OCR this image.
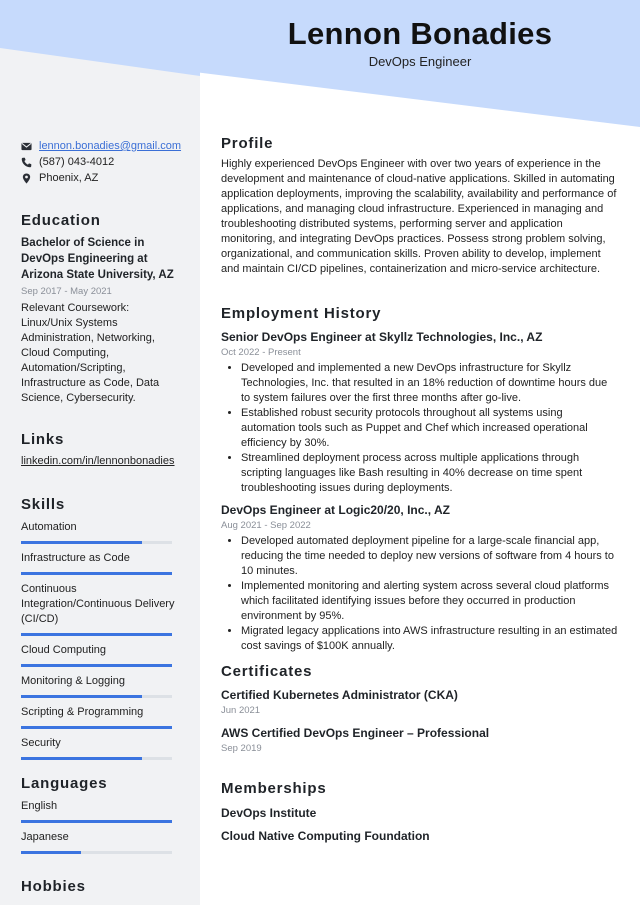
Lennon Bonadies
DevOps Engineer
lennon.bonadies@gmail.com
(587) 043-4012
Phoenix, AZ
Education
Bachelor of Science in DevOps Engineering at Arizona State University, AZ
Sep 2017 - May 2021
Relevant Coursework: Linux/Unix Systems Administration, Networking, Cloud Computing, Automation/Scripting, Infrastructure as Code, Data Science, Cybersecurity.
Links
linkedin.com/in/lennonbonadies
Skills
Automation
Infrastructure as Code
Continuous Integration/Continuous Delivery (CI/CD)
Cloud Computing
Monitoring & Logging
Scripting & Programming
Security
Languages
English
Japanese
Hobbies
Profile
Highly experienced DevOps Engineer with over two years of experience in the development and maintenance of cloud-native applications. Skilled in automating application deployments, improving the scalability, availability and performance of applications, and managing cloud infrastructure. Experienced in managing and troubleshooting distributed systems, performing server and application monitoring, and integrating DevOps practices. Possess strong problem solving, organizational, and communication skills. Proven ability to develop, implement and maintain CI/CD pipelines, containerization and micro-service architecture.
Employment History
Senior DevOps Engineer at Skyllz Technologies, Inc., AZ
Oct 2022 - Present
• Developed and implemented a new DevOps infrastructure for Skyllz Technologies, Inc. that resulted in an 18% reduction of downtime hours due to system failures over the first three months after go-live.
• Established robust security protocols throughout all systems using automation tools such as Puppet and Chef which increased operational efficiency by 30%.
• Streamlined deployment process across multiple applications through scripting languages like Bash resulting in 40% decrease on time spent troubleshooting issues during deployments.
DevOps Engineer at Logic20/20, Inc., AZ
Aug 2021 - Sep 2022
• Developed automated deployment pipeline for a large-scale financial app, reducing the time needed to deploy new versions of software from 4 hours to 10 minutes.
• Implemented monitoring and alerting system across several cloud platforms which facilitated identifying issues before they occurred in production environment by 95%.
• Migrated legacy applications into AWS infrastructure resulting in an estimated cost savings of $100K annually.
Certificates
Certified Kubernetes Administrator (CKA)
Jun 2021
AWS Certified DevOps Engineer – Professional
Sep 2019
Memberships
DevOps Institute
Cloud Native Computing Foundation
